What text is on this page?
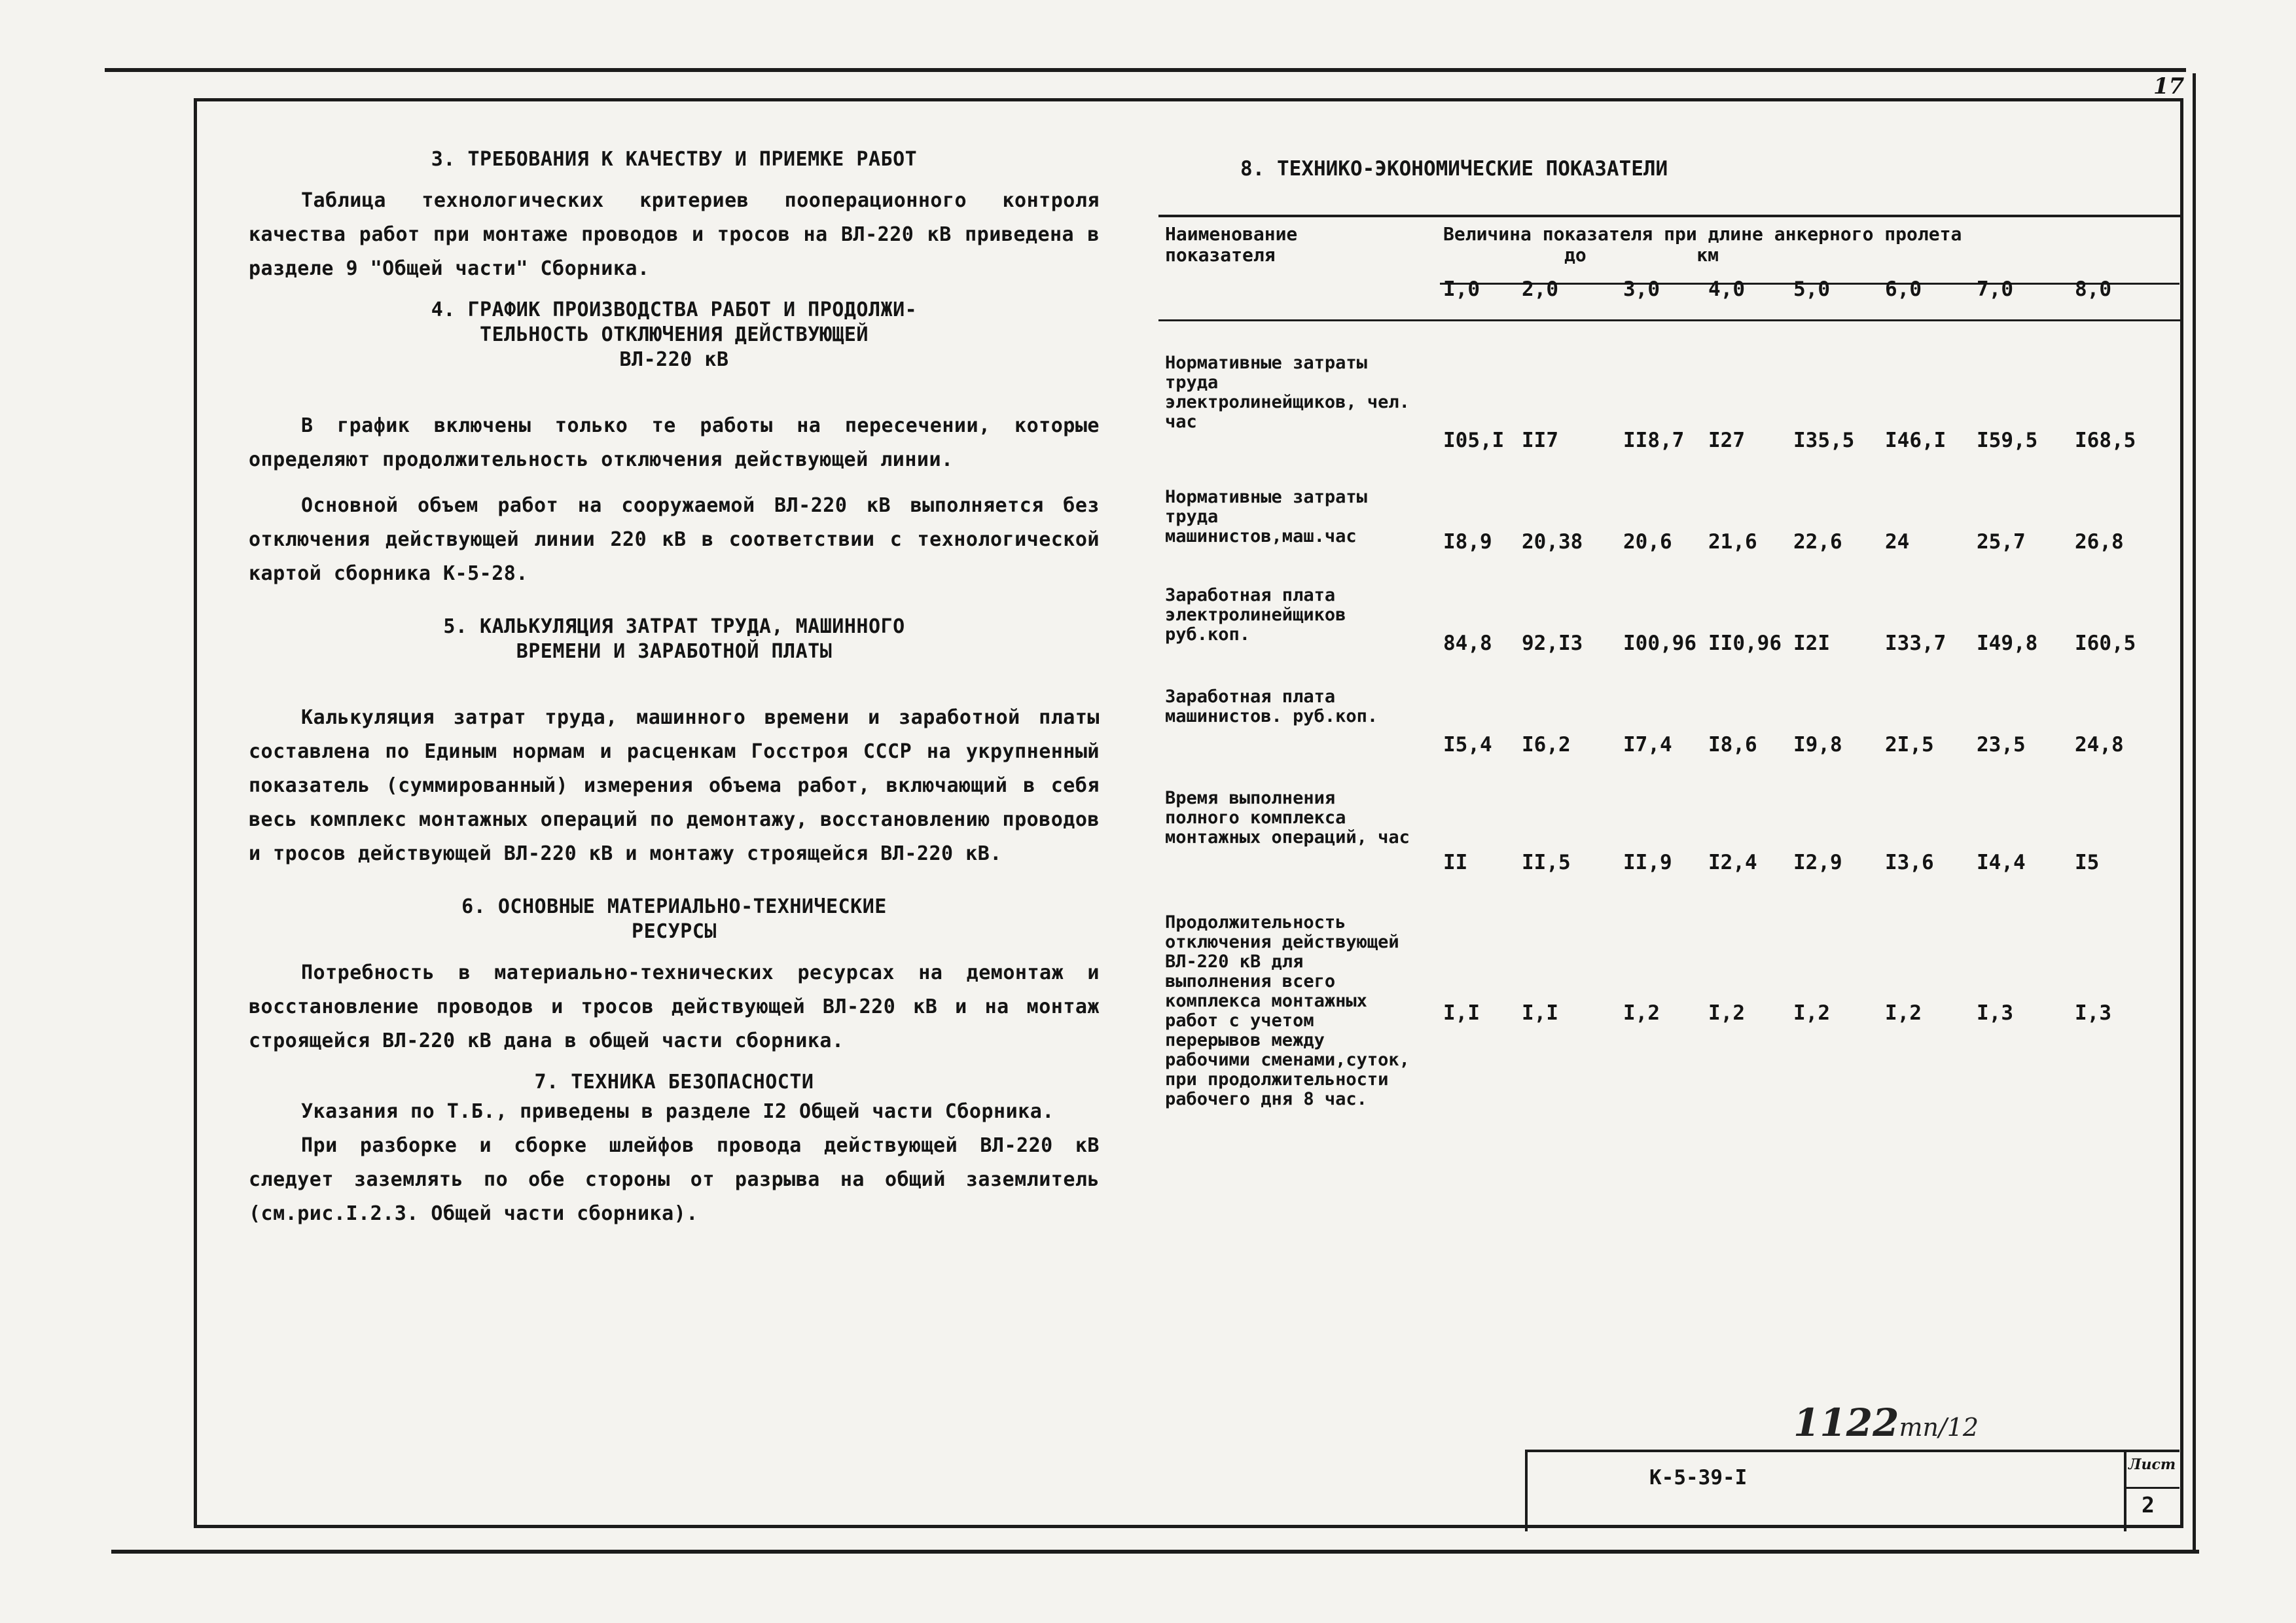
17

3. ТРЕБОВАНИЯ К КАЧЕСТВУ И ПРИЕМКЕ РАБОТ

Таблица технологических критериев пооперационного контроля качества работ при монтаже проводов и тросов на ВЛ-220 кВ приведена в разделе 9 "Общей части" Сборника.

4. ГРАФИК ПРОИЗВОДСТВА РАБОТ И ПРОДОЛЖИ-

ТЕЛЬНОСТЬ ОТКЛЮЧЕНИЯ ДЕЙСТВУЮЩЕЙ

ВЛ-220 кВ

В график включены только те работы на пересечении, которые определяют продолжительность отключения действующей линии.

Основной объем работ на сооружаемой ВЛ-220 кВ выполняется без отключения действующей линии 220 кВ в соответствии с технологической картой сборника К-5-28.

5. КАЛЬКУЛЯЦИЯ ЗАТРАТ ТРУДА, МАШИННОГО

ВРЕМЕНИ И ЗАРАБОТНОЙ ПЛАТЫ

Калькуляция затрат труда, машинного времени и заработной платы составлена по Единым нормам и расценкам Госстроя СССР на укрупненный показатель (суммированный) измерения объема работ, включающий в себя весь комплекс монтажных операций по демонтажу, восстановлению проводов и тросов действующей ВЛ-220 кВ и монтажу строящейся ВЛ-220 кВ.

6. ОСНОВНЫЕ МАТЕРИАЛЬНО-ТЕХНИЧЕСКИЕ

РЕСУРСЫ

Потребность в материально-технических ресурсах на демонтаж и восстановление проводов и тросов действующей ВЛ-220 кВ и на монтаж строящейся ВЛ-220 кВ дана в общей части сборника.

7. ТЕХНИКА БЕЗОПАСНОСТИ

Указания по Т.Б., приведены в разделе I2 Общей части Сборника.

При разборке и сборке шлейфов провода действующей ВЛ-220 кВ следует заземлять по обе стороны от разрыва на общий заземлитель (см.рис.I.2.3. Общей части сборника).

8. ТЕХНИКО-ЭКОНОМИЧЕСКИЕ ПОКАЗАТЕЛИ
Наименование
показателя
Величина показателя при длине анкерного пролета
до          км
I,0 2,0	3,0 4,0 5,0	6,0	7,0	8,0
Нормативные затраты труда электролинейщиков, чел. час
I05,I II7	II8,7 I27 I35,5 I46,I I59,5 I68,5
Нормативные затраты труда машинистов,маш.час	I8,9 20,38 20,6 21,6 22,6 24	25,7 26,8
Заработная плата электролинейщиков руб.коп.	84,8 92,I3 I00,96 II0,96 I2I	I33,7 I49,8 I60,5
Заработная плата машинистов. руб.коп.
I5,4 I6,2	I7,4 I8,6 I9,8 2I,5 23,5 24,8
Время выполнения полного комплекса монтажных операций, час
II	II,5	II,9 I2,4 I2,9 I3,6 I4,4 I5
Продолжительность отключения действующей ВЛ-220 кВ для выполнения всего комплекса монтажных работ с учетом перерывов между рабочими сменами,суток, при продолжительности рабочего дня 8 час.
I,I I,I	I,2 I,2 I,2	I,2	I,3	I,3
1122тп/12
К-5-39-I
Лист
2
